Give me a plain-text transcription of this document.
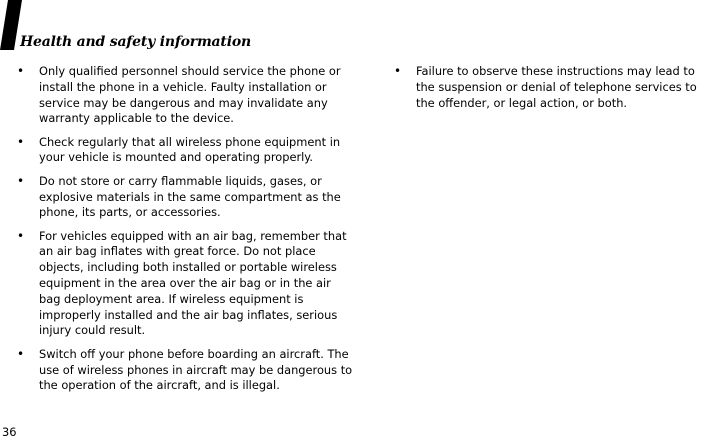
Health and safety information
• Only qualified personnel should service the phone or install the phone in a vehicle. Faulty installation or service may be dangerous and may invalidate any warranty applicable to the device.
• Check regularly that all wireless phone equipment in your vehicle is mounted and operating properly.
• Do not store or carry flammable liquids, gases, or explosive materials in the same compartment as the phone, its parts, or accessories.
• For vehicles equipped with an air bag, remember that an air bag inflates with great force. Do not place objects, including both installed or portable wireless equipment in the area over the air bag or in the air bag deployment area. If wireless equipment is improperly installed and the air bag inflates, serious injury could result.
• Switch off your phone before boarding an aircraft. The use of wireless phones in aircraft may be dangerous to the operation of the aircraft, and is illegal.
• Failure to observe these instructions may lead to the suspension or denial of telephone services to the offender, or legal action, or both.
36
